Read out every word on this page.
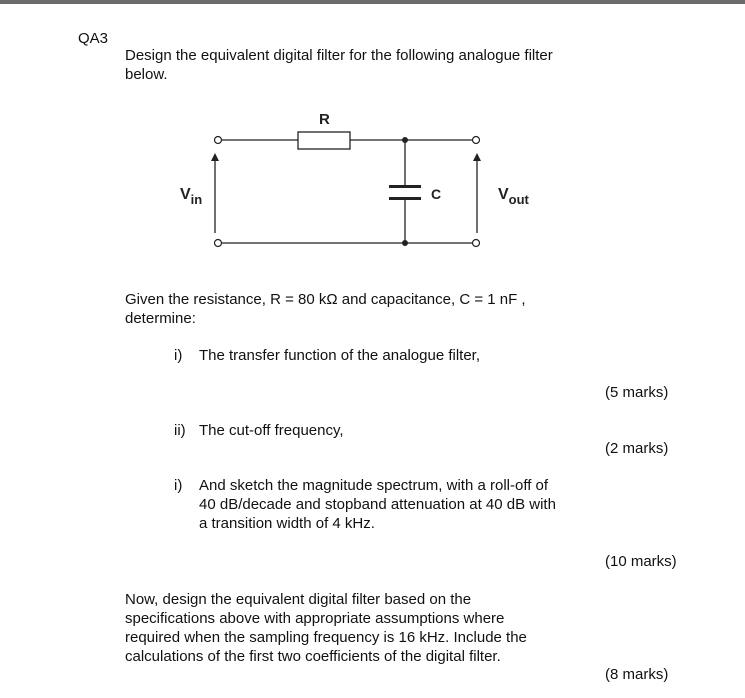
QA3
Design the equivalent digital filter for the following analogue filter
below.
R
C
$V_{in}$	$V_{out}$
Given the resistance, R = 80 kΩ and capacitance, C = 1 nF ,
determine:
i) The transfer function of the analogue filter,
(5 marks)
ii) The cut-off frequency,
(2 marks)
i) And sketch the magnitude spectrum, with a roll-off of
40 dB/decade and stopband attenuation at 40 dB with
a transition width of 4 kHz.
(10 marks)
Now, design the equivalent digital filter based on the
specifications above with appropriate assumptions where
required when the sampling frequency is 16 kHz. Include the
calculations of the first two coefficients of the digital filter.
(8 marks)
